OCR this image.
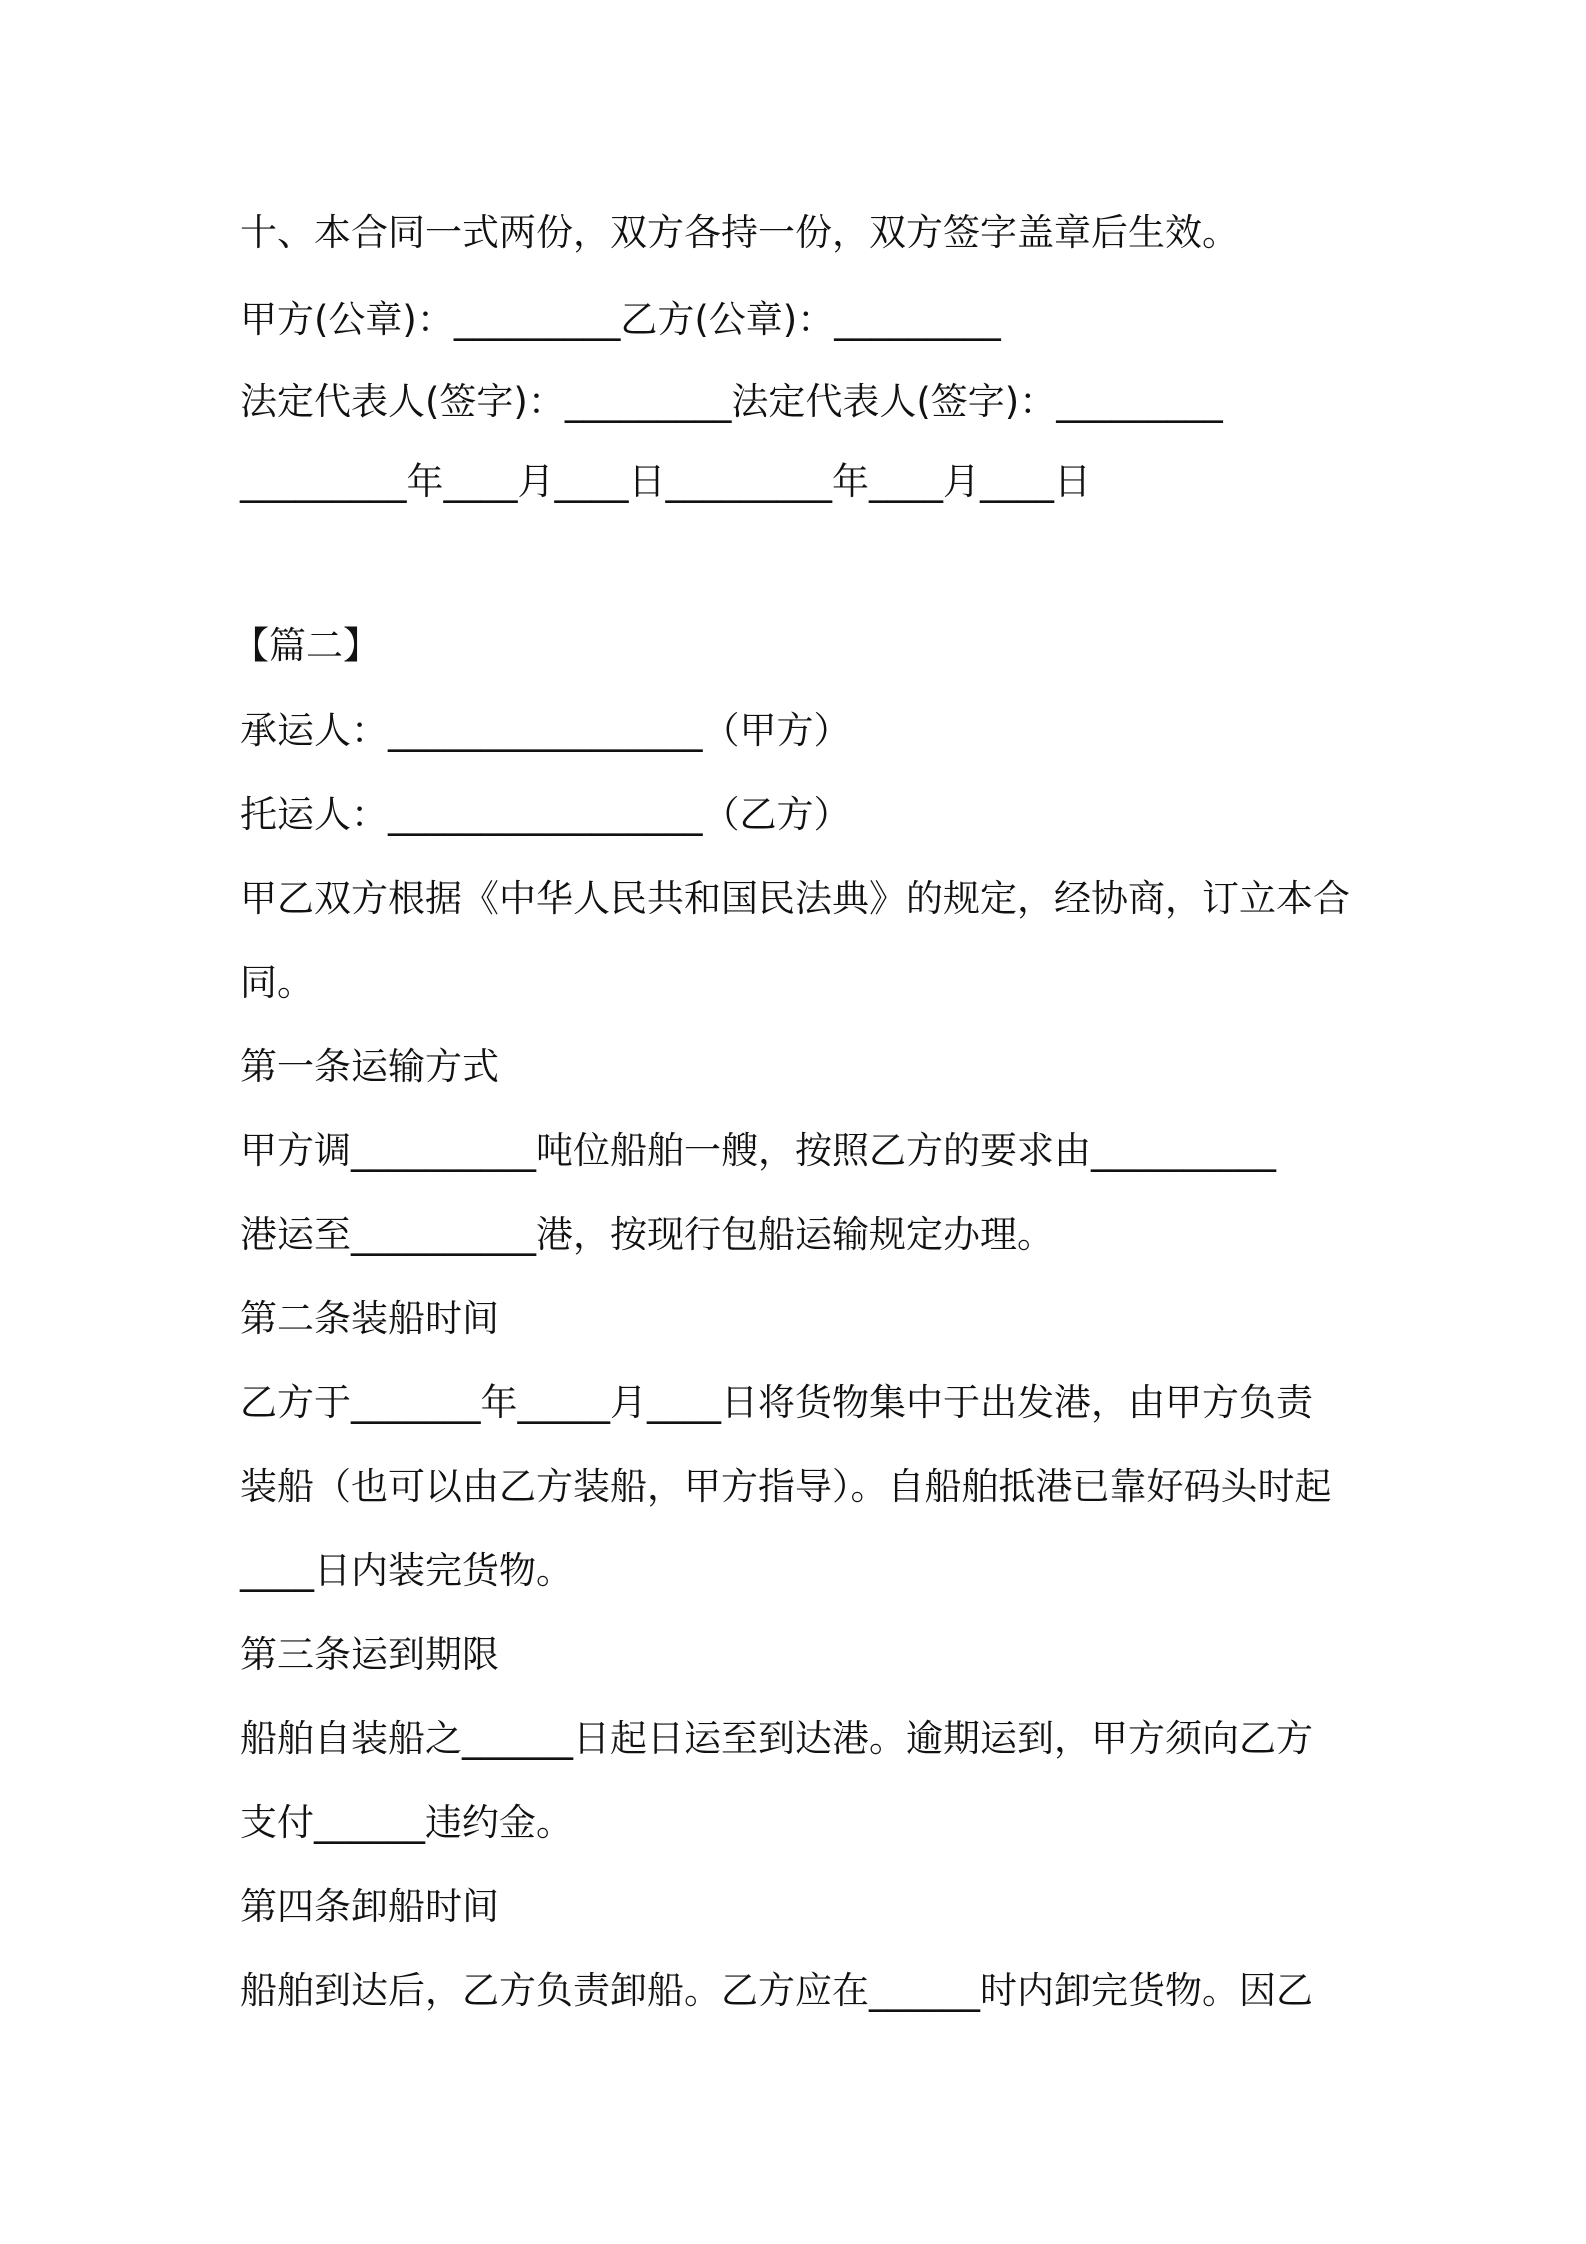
十、本合同一式两份，双方各持一份，双方签字盖章后生效。
甲方(公章)：_________乙方(公章)：_________
法定代表人(签字)：_________法定代表人(签字)：_________
_________年____月____日_________年____月____日
【篇二】
承运人：_________________（甲方）
托运人：_________________（乙方）
甲乙双方根据《中华人民共和国民法典》的规定，经协商，订立本合
同。
第一条运输方式
甲方调__________吨位船舶一艘，按照乙方的要求由__________
港运至__________港，按现行包船运输规定办理。
第二条装船时间
乙方于_______年_____月____日将货物集中于出发港，由甲方负责
装船（也可以由乙方装船，甲方指导）。自船舶抵港已靠好码头时起
____日内装完货物。
第三条运到期限
船舶自装船之______日起日运至到达港。逾期运到，甲方须向乙方
支付______违约金。
第四条卸船时间
船舶到达后，乙方负责卸船。乙方应在______时内卸完货物。因乙
